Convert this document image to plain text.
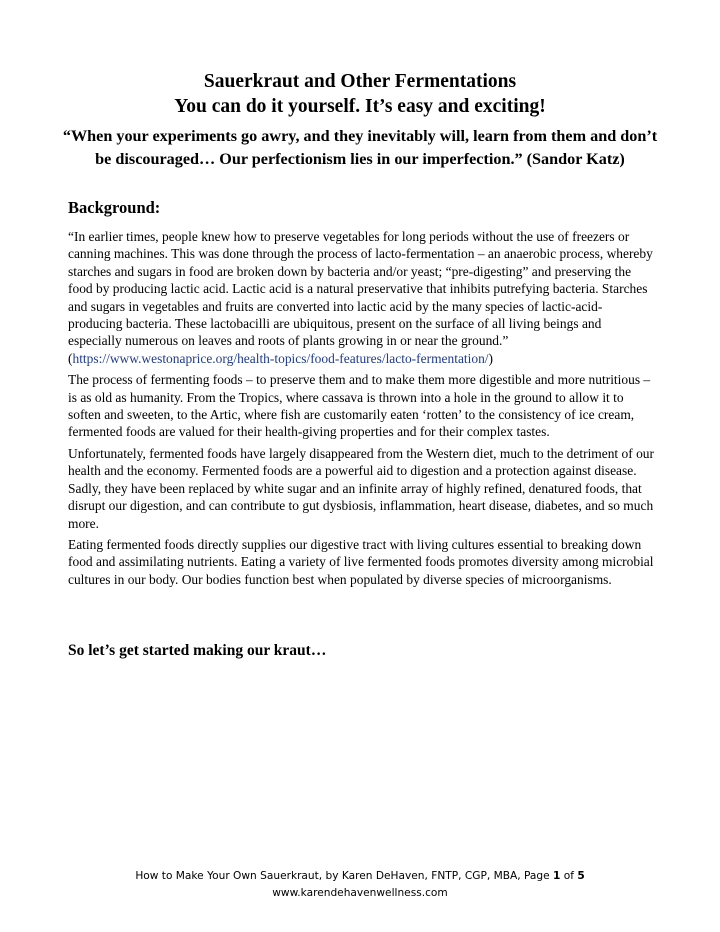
Sauerkraut and Other Fermentations
You can do it yourself. It’s easy and exciting!
“When your experiments go awry, and they inevitably will, learn from them and don’t be discouraged… Our perfectionism lies in our imperfection.” (Sandor Katz)
Background:

“In earlier times, people knew how to preserve vegetables for long periods without the use of freezers or canning machines. This was done through the process of lacto-fermentation – an anaerobic process, whereby starches and sugars in food are broken down by bacteria and/or yeast; “pre-digesting” and preserving the food by producing lactic acid. Lactic acid is a natural preservative that inhibits putrefying bacteria. Starches and sugars in vegetables and fruits are converted into lactic acid by the many species of lactic-acid-producing bacteria. These lactobacilli are ubiquitous, present on the surface of all living beings and especially numerous on leaves and roots of plants growing in or near the ground.” (https://www.westonaprice.org/health-topics/food-features/lacto-fermentation/)

The process of fermenting foods – to preserve them and to make them more digestible and more nutritious – is as old as humanity. From the Tropics, where cassava is thrown into a hole in the ground to allow it to soften and sweeten, to the Artic, where fish are customarily eaten ‘rotten’ to the consistency of ice cream, fermented foods are valued for their health-giving properties and for their complex tastes.

Unfortunately, fermented foods have largely disappeared from the Western diet, much to the detriment of our health and the economy. Fermented foods are a powerful aid to digestion and a protection against disease. Sadly, they have been replaced by white sugar and an infinite array of highly refined, denatured foods, that disrupt our digestion, and can contribute to gut dysbiosis, inflammation, heart disease, diabetes, and so much more.

Eating fermented foods directly supplies our digestive tract with living cultures essential to breaking down food and assimilating nutrients. Eating a variety of live fermented foods promotes diversity among microbial cultures in our body. Our bodies function best when populated by diverse species of microorganisms.

So let’s get started making our kraut…
How to Make Your Own Sauerkraut, by Karen DeHaven, FNTP, CGP, MBA, Page 1 of 5
www.karendehavenwellness.com
